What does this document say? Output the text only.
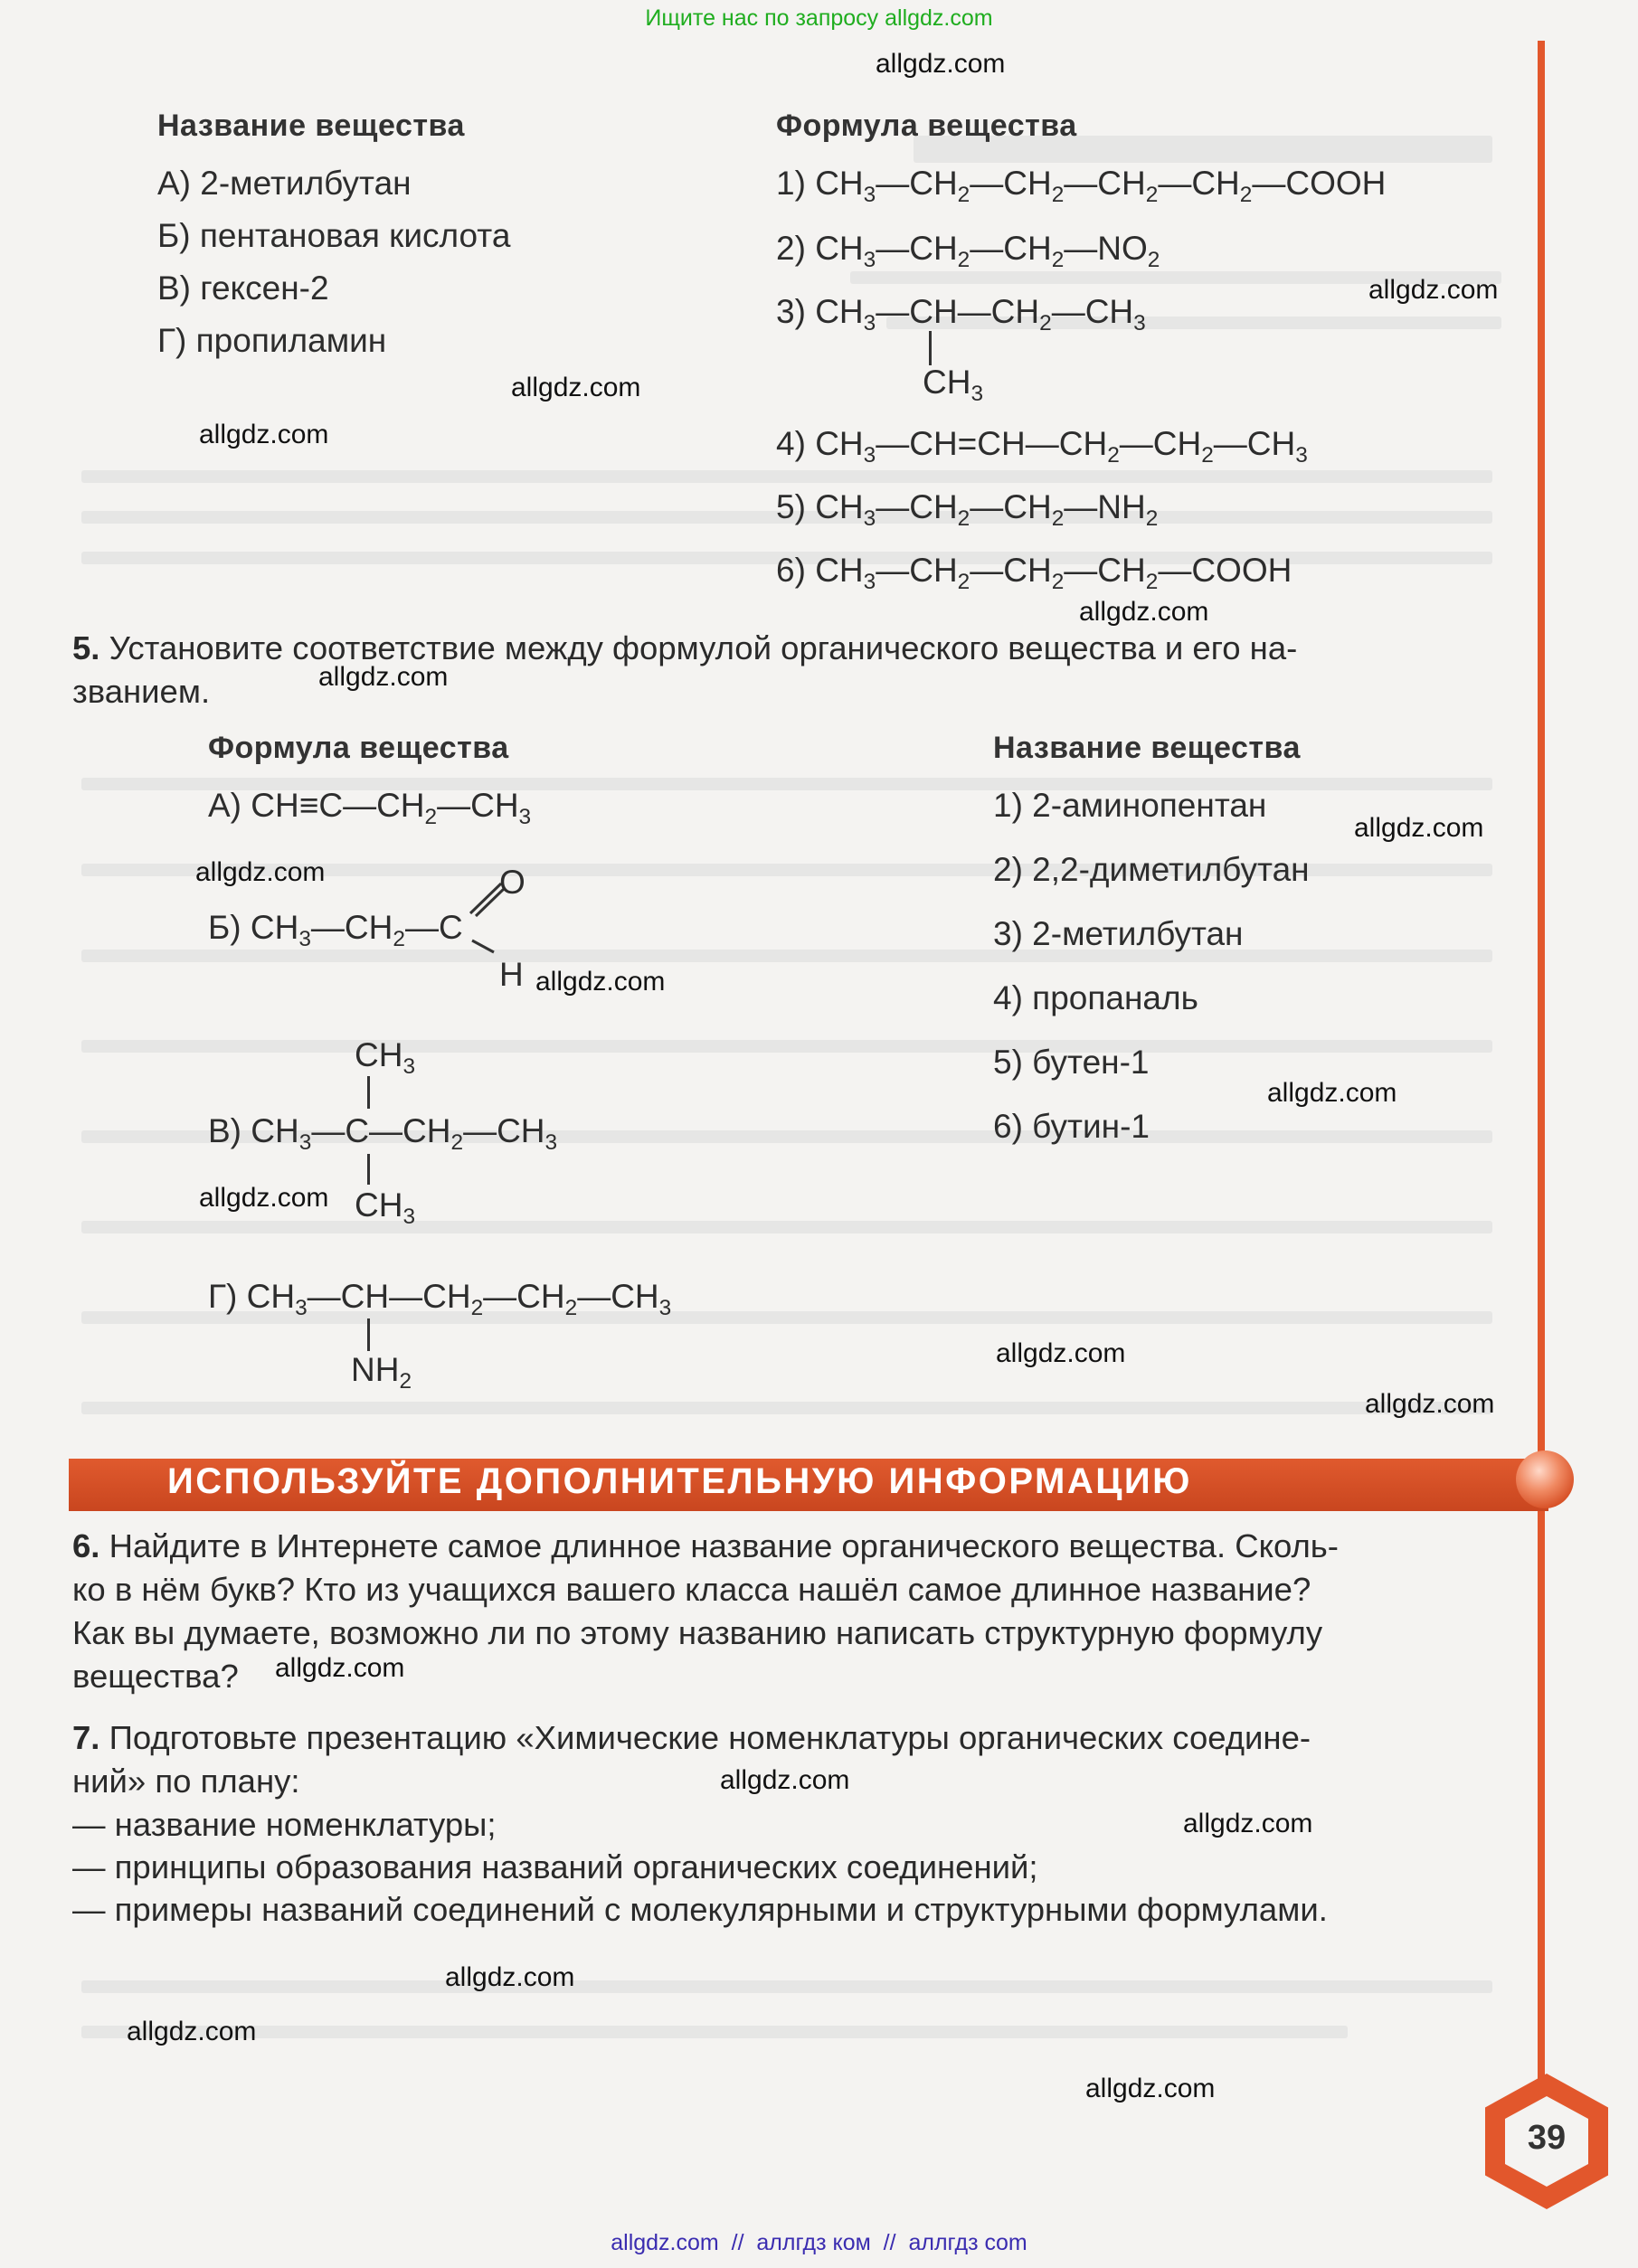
Ищите нас по запросу allgdz.com
allgdz.com  //  аллгдз ком  //  аллгдз com
Название вещества	Формула вещества
А) 2-метилбутан
Б) пентановая кислота
В) гексен-2
Г) пропиламин
1) $CH_3—CH_2—CH_2—CH_2—CH_2—COOH$
2) $CH_3—CH_2—CH_2—NO_2$
3) $CH_3—CH—CH_2—CH_3$
$CH_3$
4) $CH_3—CH=CH—CH_2—CH_2—CH_3$
5) $CH_3—CH_2—CH_2—NH_2$
6) $CH_3—CH_2—CH_2—CH_2—COOH$
5. Установите соответствие между формулой органического вещества и его на-
званием.
Формула вещества	Название вещества
А) $CH\equiv C—CH_2—CH_3$
Б) $CH_3—CH_2—C$
O
H
$CH_3$
В) $CH_3—C—CH_2—CH_3$
$CH_3$
Г) $CH_3—CH—CH_2—CH_2—CH_3$
$NH_2$
1) 2-аминопентан
2) 2,2-диметилбутан
3) 2-метилбутан
4) пропаналь
5) бутен-1
6) бутин-1
ИСПОЛЬЗУЙТЕ ДОПОЛНИТЕЛЬНУЮ ИНФОРМАЦИЮ
6. Найдите в Интернете самое длинное название органического вещества. Сколь-
ко в нём букв? Кто из учащихся вашего класса нашёл самое длинное название?
Как вы думаете, возможно ли по этому названию написать структурную формулу
вещества?
7. Подготовьте презентацию «Химические номенклатуры органических соедине-
ний» по плану:
— название номенклатуры;
— принципы образования названий органических соединений;
— примеры названий соединений с молекулярными и структурными формулами.
39
allgdz.com
allgdz.com
allgdz.com
allgdz.com
allgdz.com
allgdz.com
allgdz.com
allgdz.com
allgdz.com
allgdz.com
allgdz.com
allgdz.com
allgdz.com
allgdz.com
allgdz.com
allgdz.com
allgdz.com
allgdz.com
allgdz.com
